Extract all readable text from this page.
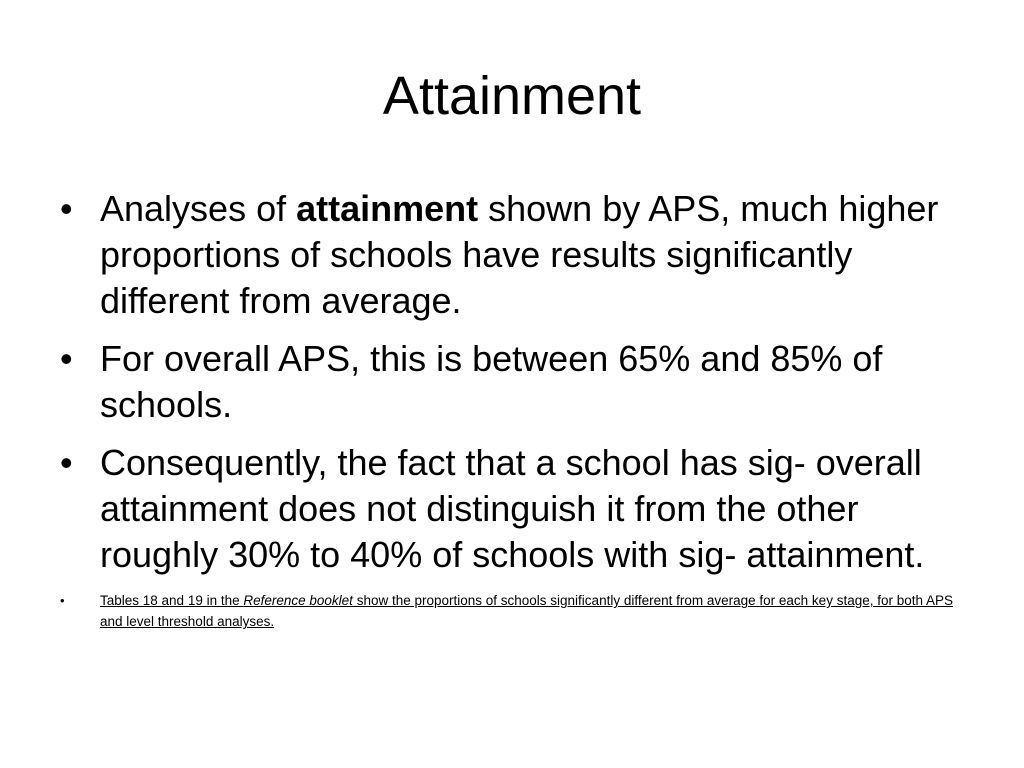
Attainment
• Analyses of attainment shown by APS, much higher proportions of schools have results significantly different from average.
• For overall APS, this is between 65% and 85% of schools.
• Consequently, the fact that a school has sig- overall attainment does not distinguish it from the other roughly 30% to 40% of schools with sig- attainment.
•	Tables 18 and 19 in the Reference booklet show the proportions of schools significantly different from average for each key stage, for both APS and level threshold analyses.
